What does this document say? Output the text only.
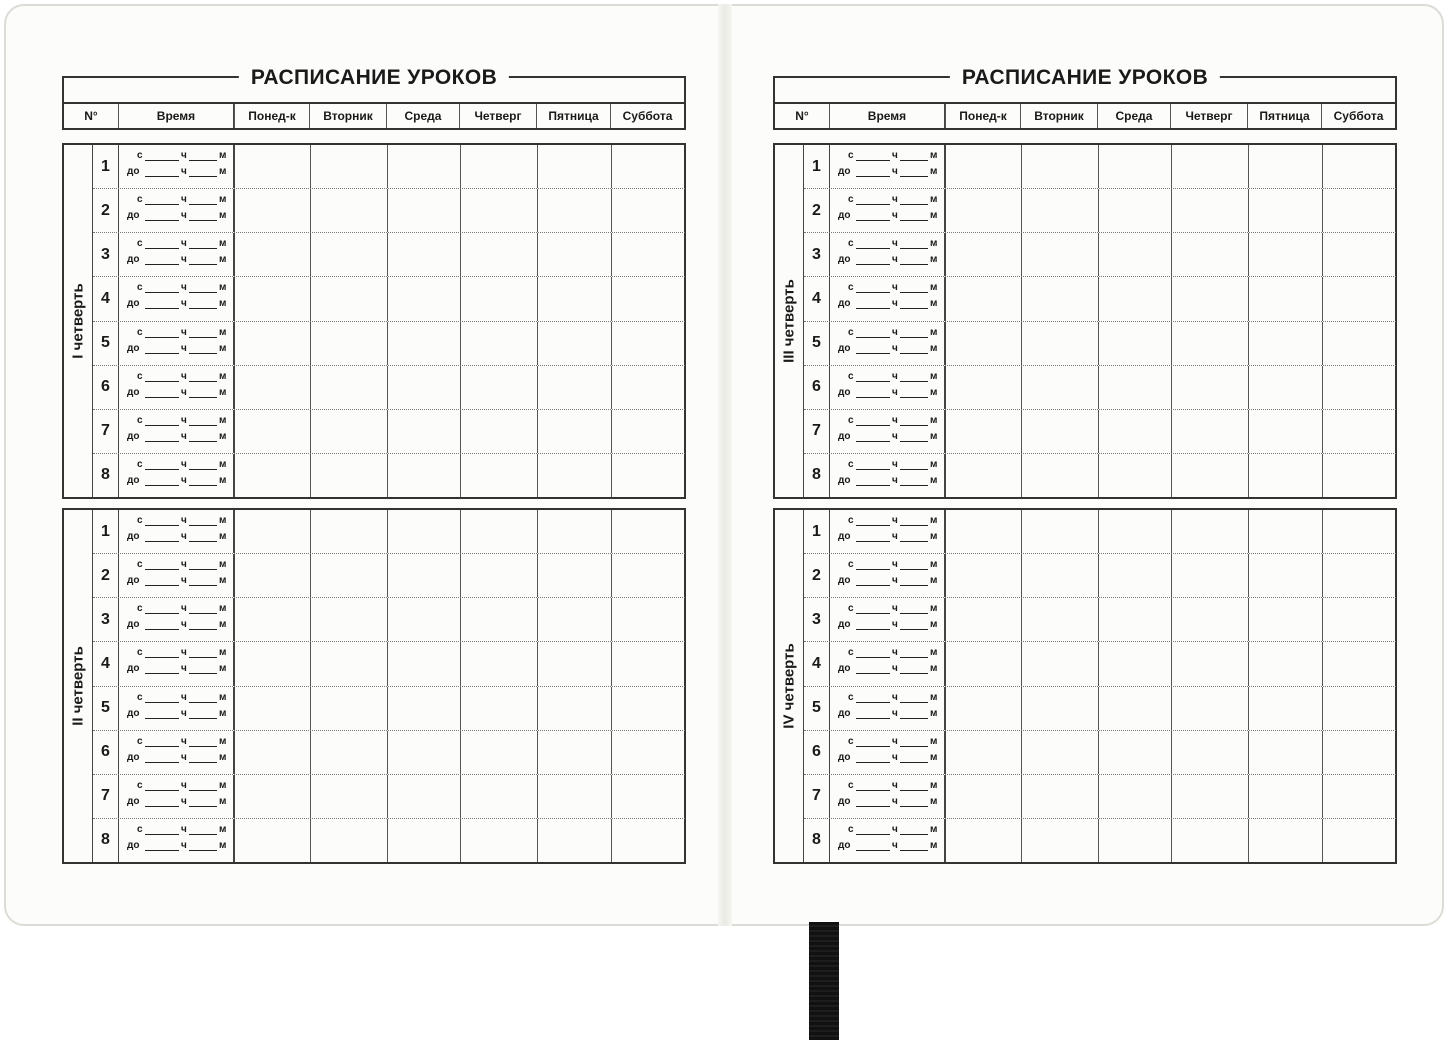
РАСПИСАНИЕ УРОКОВ
N°	Время	Понед-к	Вторник	Среда	Четверг	Пятница	Суббота
I четверть
1
с	ч	м
до	ч	м
2
с	ч	м
до	ч	м
3
с	ч	м
до	ч	м
4
с	ч	м
до	ч	м
5
с	ч	м
до	ч	м
6
с	ч	м
до	ч	м
7
с	ч	м
до	ч	м
8
с	ч	м
до	ч	м
II четверть
1
с	ч	м
до	ч	м
2
с	ч	м
до	ч	м
3
с	ч	м
до	ч	м
4
с	ч	м
до	ч	м
5
с	ч	м
до	ч	м
6
с	ч	м
до	ч	м
7
с	ч	м
до	ч	м
8
с	ч	м
до	ч	м
РАСПИСАНИЕ УРОКОВ
N°	Время	Понед-к	Вторник	Среда	Четверг	Пятница	Суббота
III четверть
1
с	ч	м
до	ч	м
2
с	ч	м
до	ч	м
3
с	ч	м
до	ч	м
4
с	ч	м
до	ч	м
5
с	ч	м
до	ч	м
6
с	ч	м
до	ч	м
7
с	ч	м
до	ч	м
8
с	ч	м
до	ч	м
IV четверть
1
с	ч	м
до	ч	м
2
с	ч	м
до	ч	м
3
с	ч	м
до	ч	м
4
с	ч	м
до	ч	м
5
с	ч	м
до	ч	м
6
с	ч	м
до	ч	м
7
с	ч	м
до	ч	м
8
с	ч	м
до	ч	м
